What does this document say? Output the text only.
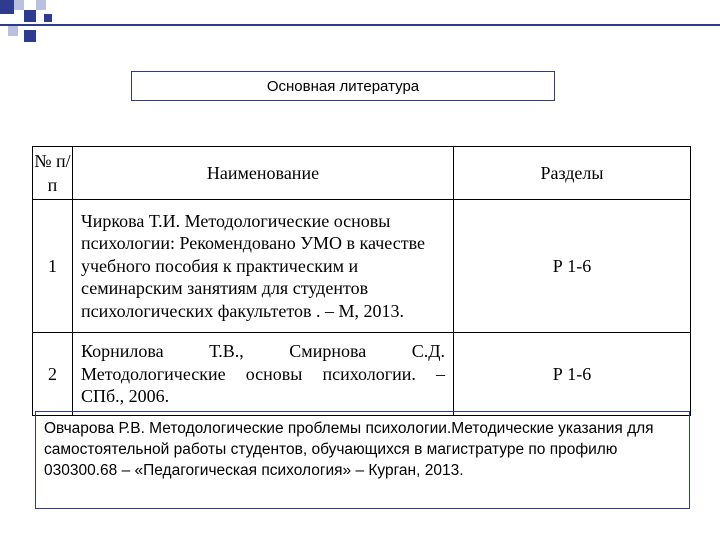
Основная литература
№ п/п	Наименование	Разделы
1	Чиркова Т.И. Методологические основы психологии: Рекомендовано УМО в качестве учебного пособия к практическим и семинарским занятиям для студентов психологических факультетов . – М, 2013.	Р 1-6
2	Корнилова Т.В., Смирнова С.Д. Методологические основы психологии. – СПб., 2006.	Р 1-6
Овчарова Р.В. Методологические проблемы психологии.Методические указания для самостоятельной работы студентов, обучающихся в магистратуре по профилю 030300.68 – «Педагогическая психология» – Курган, 2013.
